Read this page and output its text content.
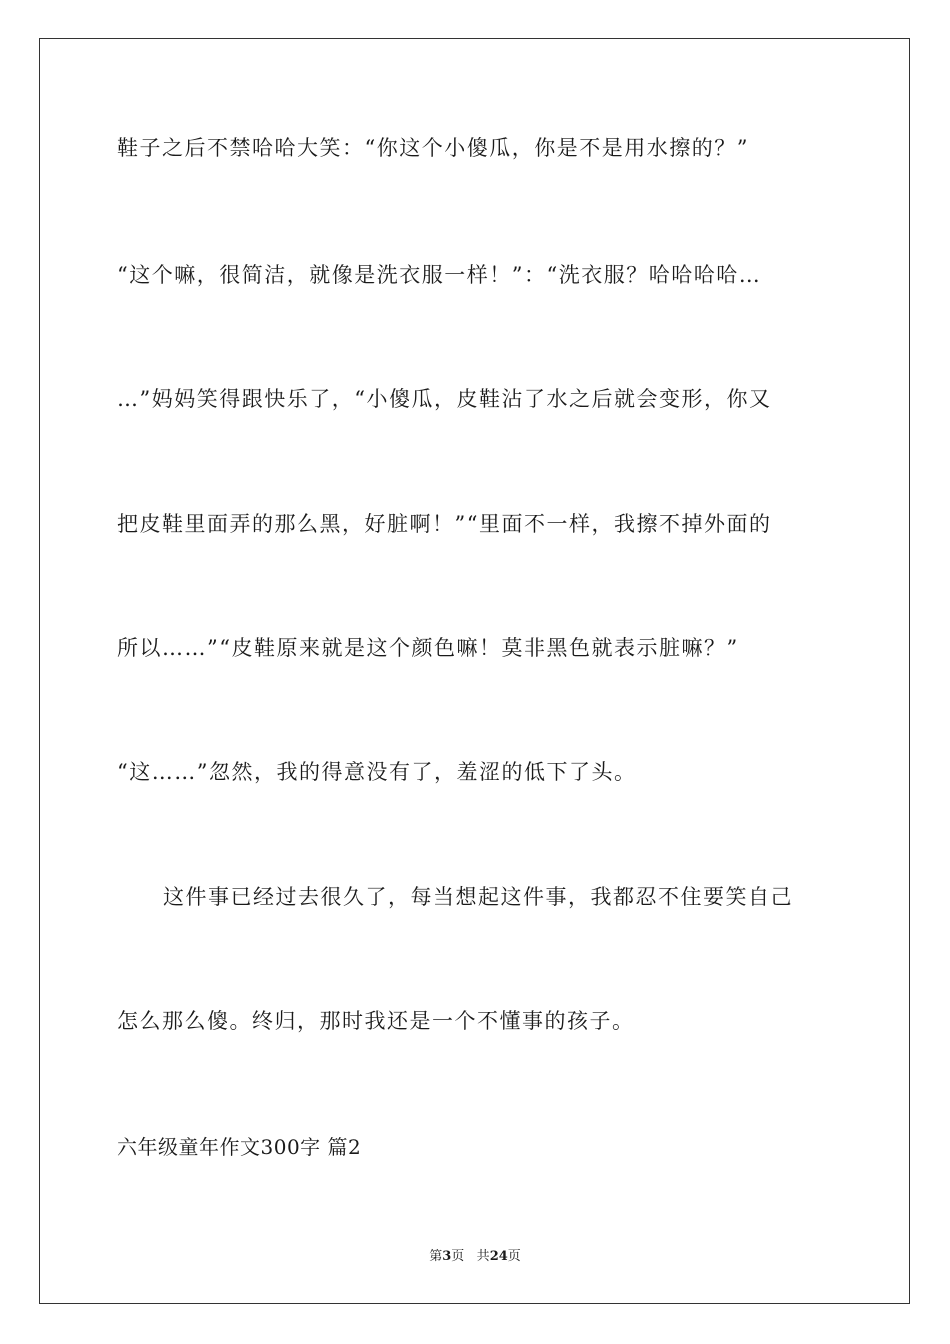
鞋子之后不禁哈哈大笑：“你这个小傻瓜，你是不是用水擦的？”
“这个嘛，很简洁，就像是洗衣服一样！”：“洗衣服？哈哈哈哈…
…”妈妈笑得跟快乐了，“小傻瓜，皮鞋沾了水之后就会变形，你又
把皮鞋里面弄的那么黑，好脏啊！”“里面不一样，我擦不掉外面的
所以……”“皮鞋原来就是这个颜色嘛！莫非黑色就表示脏嘛？”
“这……”忽然，我的得意没有了，羞涩的低下了头。
这件事已经过去很久了，每当想起这件事，我都忍不住要笑自己
怎么那么傻。终归，那时我还是一个不懂事的孩子。
六年级童年作文300字 篇2
第3页 共24页
